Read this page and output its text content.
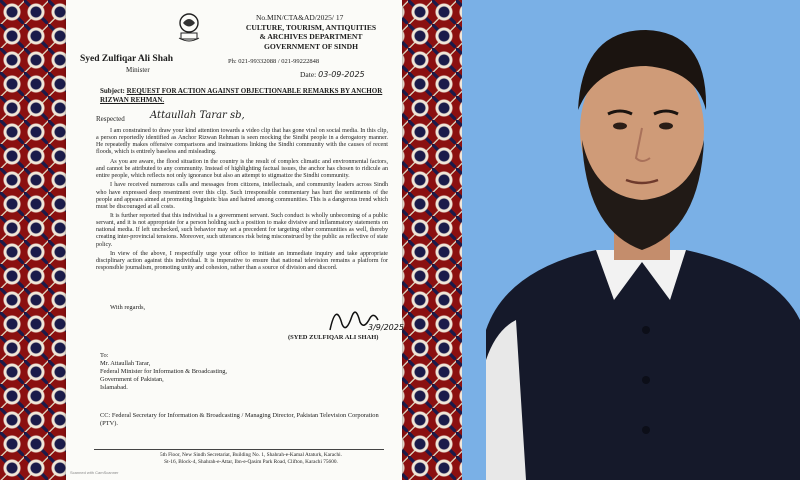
Syed Zulfiqar Ali Shah
Minister
No.MIN/CTA&AD/2025/ 17
CULTURE, TOURISM, ANTIQUITIES
& ARCHIVES DEPARTMENT
GOVERNMENT OF SINDH
Ph: 021-99332088 / 021-99222848
Date: 03-09-2025
Subject: REQUEST FOR ACTION AGAINST OBJECTIONABLE REMARKS BY ANCHOR RIZWAN REHMAN.
Respected	Attaullah Tarar sb,

I am constrained to draw your kind attention towards a video clip that has gone viral on social media. In this clip, a person reportedly identified as Anchor Rizwan Rehman is seen mocking the Sindhi people in a derogatory manner. He repeatedly makes offensive comparisons and insinuations linking the Sindhi community with the causes of recent floods, which is entirely baseless and misleading.

As you are aware, the flood situation in the country is the result of complex climatic and environmental factors, and cannot be attributed to any community. Instead of highlighting factual issues, the anchor has chosen to ridicule an entire people, which reflects not only ignorance but also an attempt to stigmatize the Sindhi community.

I have received numerous calls and messages from citizens, intellectuals, and community leaders across Sindh who have expressed deep resentment over this clip. Such irresponsible commentary has hurt the sentiments of the people and appears aimed at promoting linguistic bias and hatred among communities. This is a dangerous trend which must be discouraged at all costs.

It is further reported that this individual is a government servant. Such conduct is wholly unbecoming of a public servant, and it is not appropriate for a person holding such a position to make divisive and inflammatory statements on national media. If left unchecked, such behavior may set a precedent for targeting other communities as well, thereby creating inter-provincial tensions. Moreover, such utterances risk being misconstrued by the public as reflective of state policy.

In view of the above, I respectfully urge your office to initiate an immediate inquiry and take appropriate disciplinary action against this individual. It is imperative to ensure that national television remains a platform for responsible journalism, promoting unity and cohesion, rather than a source of division and discord.

With regards,
3/9/2025
(SYED ZULFIQAR ALI SHAH)
To:
Mr. Attaullah Tarar,
Federal Minister for Information & Broadcasting,
Government of Pakistan,
Islamabad.
CC: Federal Secretary for Information & Broadcasting / Managing Director, Pakistan Television Corporation (PTV).
5th Floor, New Sindh Secretariat, Building No. 1, Shahrah-e-Kamal Ataturk, Karachi.
St-16, Block-4, Shahrah-e-Attar, Ibn-e-Qasim Park Road, Clifton, Karachi 75600.
Scanned with CamScanner
